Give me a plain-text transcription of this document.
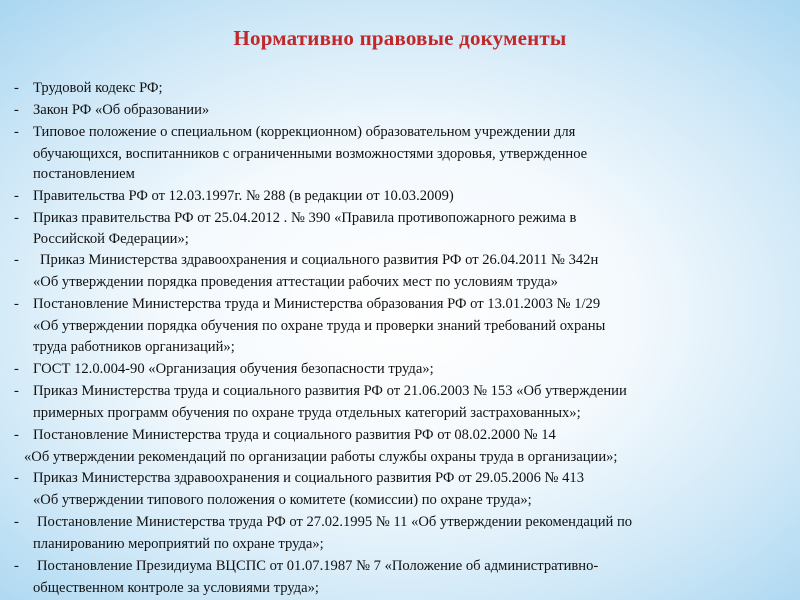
Нормативно правовые документы
- Трудовой кодекс РФ;
- Закон РФ «Об образовании»
- Типовое положение о специальном (коррекционном) образовательном учреждении для
обучающихся, воспитанников с ограниченными возможностями здоровья, утвержденное
постановлением
- Правительства РФ от 12.03.1997г. № 288 (в редакции от 10.03.2009)
- Приказ правительства РФ от 25.04.2012 . № 390 «Правила противопожарного режима в
Российской Федерации»;
- Приказ Министерства здравоохранения и социального развития РФ от 26.04.2011 № 342н
«Об утверждении порядка проведения аттестации рабочих мест по условиям труда»
- Постановление Министерства труда и Министерства образования РФ от 13.01.2003 № 1/29
«Об утверждении порядка обучения по охране труда и проверки знаний требований охраны
труда работников организаций»;
- ГОСТ 12.0.004-90 «Организация обучения безопасности труда»;
- Приказ Министерства труда и социального развития РФ от 21.06.2003 № 153 «Об утверждении
примерных программ обучения по охране труда отдельных категорий застрахованных»;
- Постановление Министерства труда и социального развития РФ от 08.02.2000 № 14
«Об утверждении рекомендаций по организации работы службы охраны труда в организации»;
- Приказ Министерства здравоохранения и социального развития РФ от 29.05.2006 № 413
«Об утверждении типового положения о комитете (комиссии) по охране труда»;
- Постановление Министерства труда РФ от 27.02.1995 № 11 «Об утверждении рекомендаций по
планированию мероприятий по охране труда»;
- Постановление Президиума ВЦСПС от 01.07.1987 № 7 «Положение об административно-
общественном контроле за условиями труда»;
